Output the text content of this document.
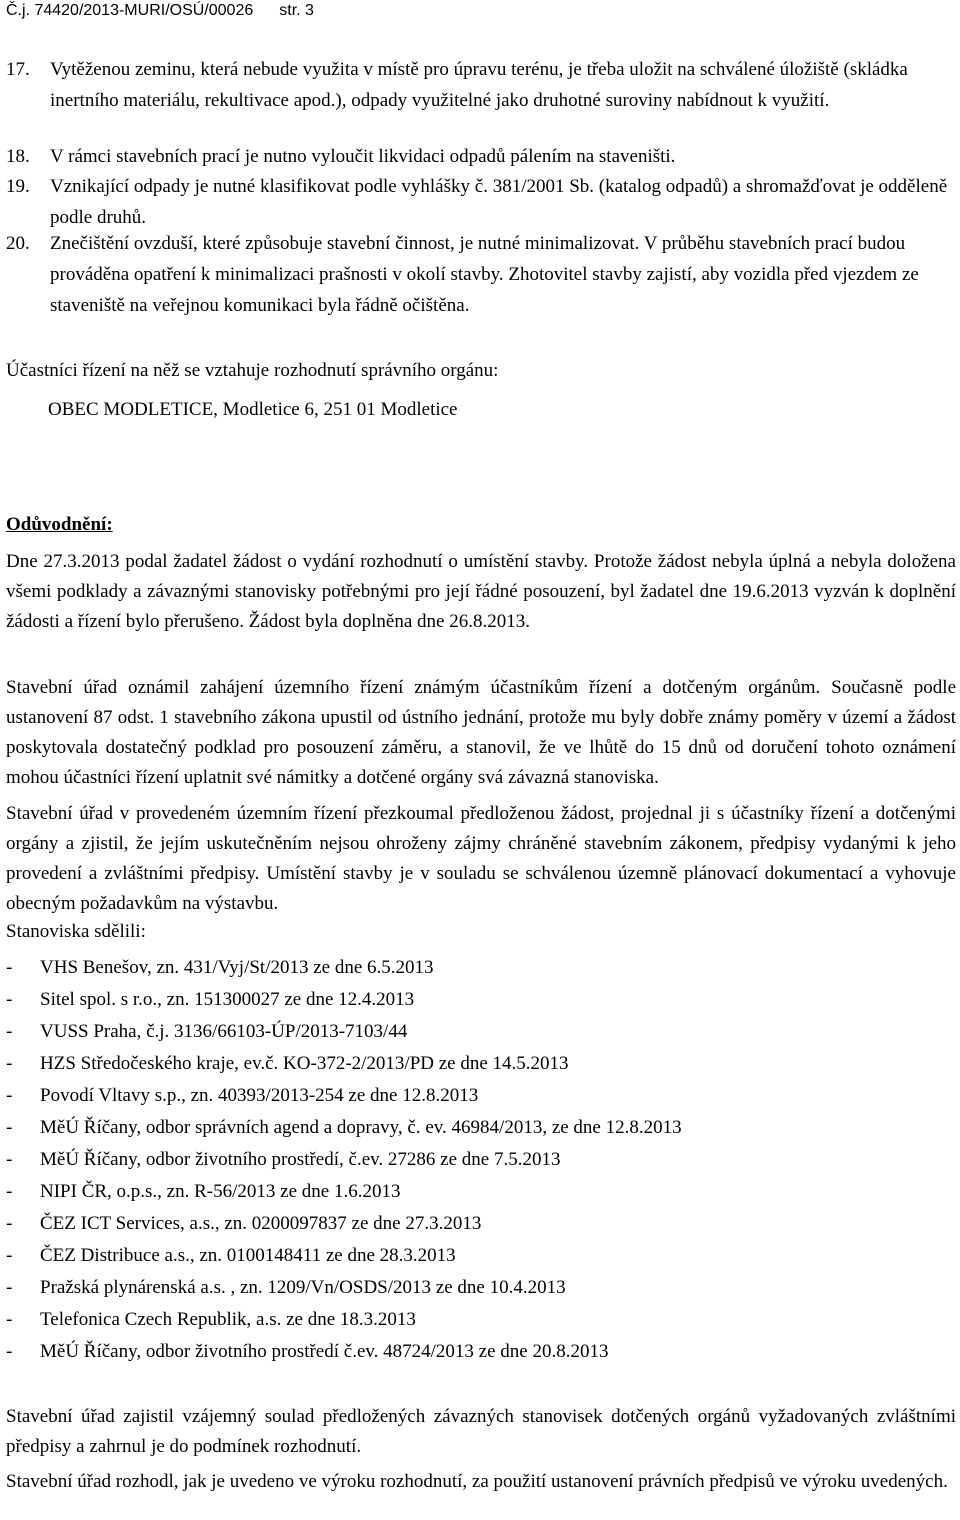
Č.j. 74420/2013-MURI/OSÚ/00026 str. 3
17. Vytěženou zeminu, která nebude využita v místě pro úpravu terénu, je třeba uložit na schválené úložiště (skládka inertního materiálu, rekultivace apod.), odpady využitelné jako druhotné suroviny nabídnout k využití.
18. V rámci stavebních prací je nutno vyloučit likvidaci odpadů pálením na staveništi.
19. Vznikající odpady je nutné klasifikovat podle vyhlášky č. 381/2001 Sb. (katalog odpadů) a shromažďovat je odděleně podle druhů.
20. Znečištění ovzduší, které způsobuje stavební činnost, je nutné minimalizovat. V průběhu stavebních prací budou prováděna opatření k minimalizaci prašnosti v okolí stavby. Zhotovitel stavby zajistí, aby vozidla před vjezdem ze staveniště na veřejnou komunikaci byla řádně očištěna.
Účastníci řízení na něž se vztahuje rozhodnutí správního orgánu:
OBEC MODLETICE, Modletice 6, 251 01 Modletice
Odůvodnění:
Dne 27.3.2013 podal žadatel žádost o vydání rozhodnutí o umístění stavby. Protože žádost nebyla úplná a nebyla doložena všemi podklady a závaznými stanovisky potřebnými pro její řádné posouzení, byl žadatel dne 19.6.2013 vyzván k doplnění žádosti a řízení bylo přerušeno. Žádost byla doplněna dne 26.8.2013.
Stavební úřad oznámil zahájení územního řízení známým účastníkům řízení a dotčeným orgánům. Současně podle ustanovení 87 odst. 1 stavebního zákona upustil od ústního jednání, protože mu byly dobře známy poměry v území a žádost poskytovala dostatečný podklad pro posouzení záměru, a stanovil, že ve lhůtě do 15 dnů od doručení tohoto oznámení mohou účastníci řízení uplatnit své námitky a dotčené orgány svá závazná stanoviska.
Stavební úřad v provedeném územním řízení přezkoumal předloženou žádost, projednal ji s účastníky řízení a dotčenými orgány a zjistil, že jejím uskutečněním nejsou ohroženy zájmy chráněné stavebním zákonem, předpisy vydanými k jeho provedení a zvláštními předpisy. Umístění stavby je v souladu se schválenou územně plánovací dokumentací a vyhovuje obecným požadavkům na výstavbu.
Stanoviska sdělili:
- VHS Benešov, zn. 431/Vyj/St/2013 ze dne 6.5.2013
- Sitel spol. s r.o., zn. 151300027 ze dne 12.4.2013
- VUSS Praha, č.j. 3136/66103-ÚP/2013-7103/44
- HZS Středočeského kraje, ev.č. KO-372-2/2013/PD ze dne 14.5.2013
- Povodí Vltavy s.p., zn. 40393/2013-254 ze dne 12.8.2013
- MěÚ Říčany, odbor správních agend a dopravy, č. ev. 46984/2013, ze dne 12.8.2013
- MěÚ Říčany, odbor životního prostředí, č.ev. 27286 ze dne 7.5.2013
- NIPI ČR, o.p.s., zn. R-56/2013 ze dne 1.6.2013
- ČEZ ICT Services, a.s., zn. 0200097837 ze dne 27.3.2013
- ČEZ Distribuce a.s., zn. 0100148411 ze dne 28.3.2013
- Pražská plynárenská a.s. , zn. 1209/Vn/OSDS/2013 ze dne 10.4.2013
- Telefonica Czech Republik, a.s. ze dne 18.3.2013
- MěÚ Říčany, odbor životního prostředí č.ev. 48724/2013 ze dne 20.8.2013
Stavební úřad zajistil vzájemný soulad předložených závazných stanovisek dotčených orgánů vyžadovaných zvláštními předpisy a zahrnul je do podmínek rozhodnutí.
Stavební úřad rozhodl, jak je uvedeno ve výroku rozhodnutí, za použití ustanovení právních předpisů ve výroku uvedených.
